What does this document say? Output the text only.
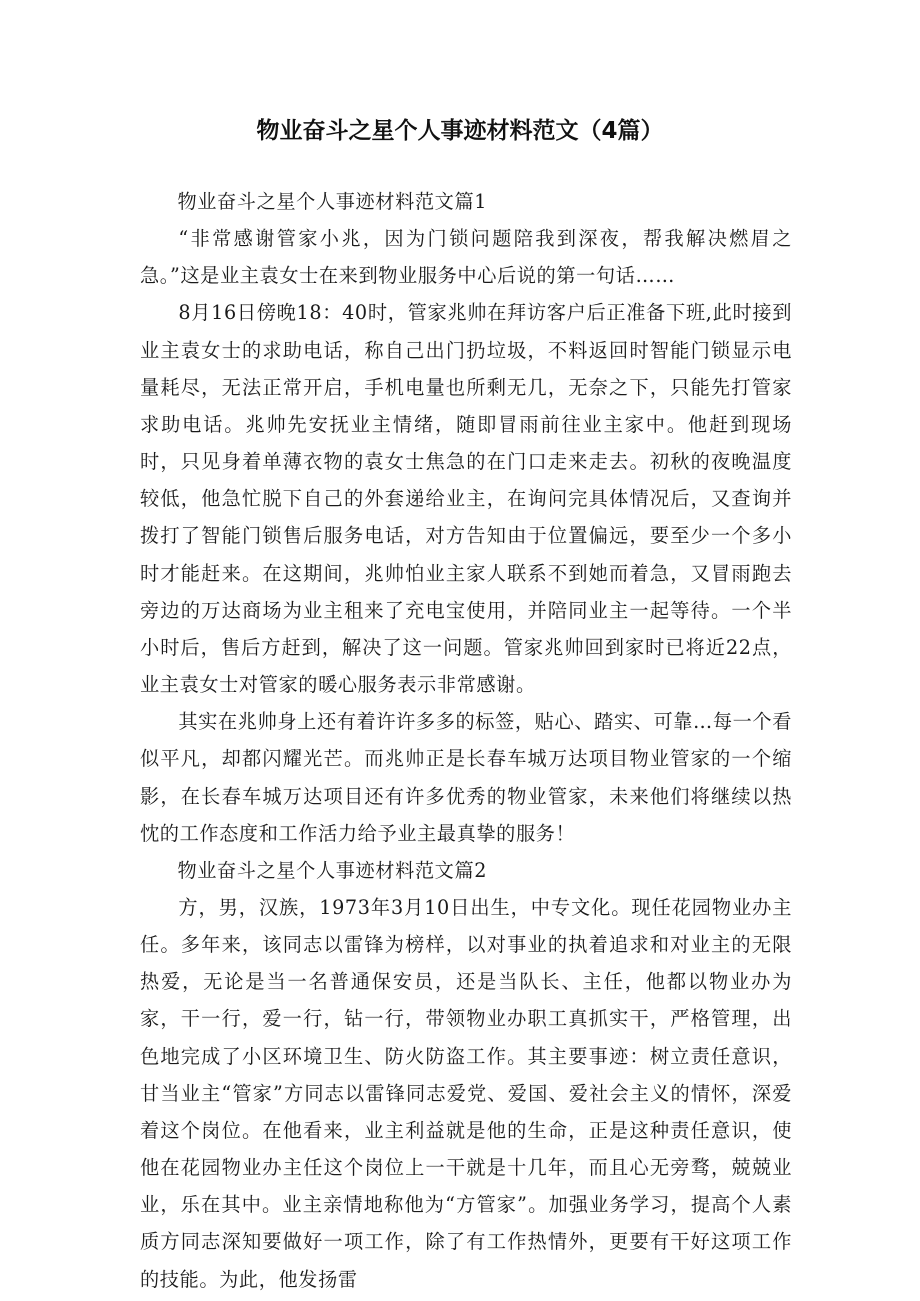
物业奋斗之星个人事迹材料范文（4篇）

物业奋斗之星个人事迹材料范文篇1

“非常感谢管家小兆，因为门锁问题陪我到深夜，帮我解决燃眉之急。”这是业主袁女士在来到物业服务中心后说的第一句话……

8月16日傍晚18：40时，管家兆帅在拜访客户后正准备下班,此时接到业主袁女士的求助电话，称自己出门扔垃圾，不料返回时智能门锁显示电量耗尽，无法正常开启，手机电量也所剩无几，无奈之下，只能先打管家求助电话。兆帅先安抚业主情绪，随即冒雨前往业主家中。他赶到现场时，只见身着单薄衣物的袁女士焦急的在门口走来走去。初秋的夜晚温度较低，他急忙脱下自己的外套递给业主，在询问完具体情况后，又查询并拨打了智能门锁售后服务电话，对方告知由于位置偏远，要至少一个多小时才能赶来。在这期间，兆帅怕业主家人联系不到她而着急，又冒雨跑去旁边的万达商场为业主租来了充电宝使用，并陪同业主一起等待。一个半小时后，售后方赶到，解决了这一问题。管家兆帅回到家时已将近22点，业主袁女士对管家的暖心服务表示非常感谢。

其实在兆帅身上还有着许许多多的标签，贴心、踏实、可靠…每一个看似平凡，却都闪耀光芒。而兆帅正是长春车城万达项目物业管家的一个缩影，在长春车城万达项目还有许多优秀的物业管家，未来他们将继续以热忱的工作态度和工作活力给予业主最真挚的服务！

物业奋斗之星个人事迹材料范文篇2

方，男，汉族，1973年3月10日出生，中专文化。现任花园物业办主任。多年来，该同志以雷锋为榜样，以对事业的执着追求和对业主的无限热爱，无论是当一名普通保安员，还是当队长、主任，他都以物业办为家，干一行，爱一行，钻一行，带领物业办职工真抓实干，严格管理，出色地完成了小区环境卫生、防火防盗工作。其主要事迹：树立责任意识，甘当业主“管家”方同志以雷锋同志爱党、爱国、爱社会主义的情怀，深爱着这个岗位。在他看来，业主利益就是他的生命，正是这种责任意识，使他在花园物业办主任这个岗位上一干就是十几年，而且心无旁骛，兢兢业业，乐在其中。业主亲情地称他为“方管家”。加强业务学习，提高个人素质方同志深知要做好一项工作，除了有工作热情外，更要有干好这项工作的技能。为此，他发扬雷
